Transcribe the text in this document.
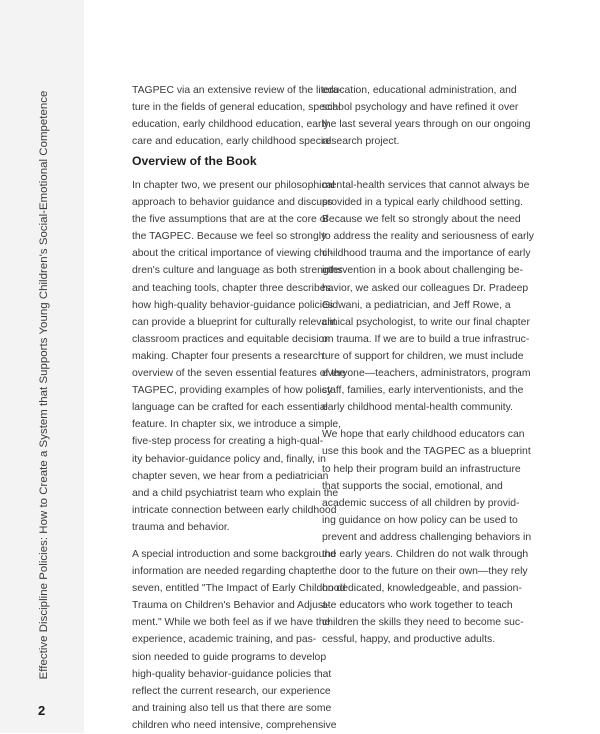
Effective Discipline Policies: How to Create a System that Supports Young Children's Social-Emotional Competence
2

TAGPEC via an extensive review of the litera-
ture in the fields of general education, special
education, early childhood education, early
care and education, early childhood special

education, educational administration, and
school psychology and have refined it over
the last several years through on our ongoing
research project.

Overview of the Book

In chapter two, we present our philosophical
approach to behavior guidance and discuss
the five assumptions that are at the core of
the TAGPEC. Because we feel so strongly
about the critical importance of viewing chil-
dren's culture and language as both strengths
and teaching tools, chapter three describes
how high-quality behavior-guidance policies
can provide a blueprint for culturally relevant
classroom practices and equitable decision
making. Chapter four presents a research
overview of the seven essential features of the
TAGPEC, providing examples of how policy
language can be crafted for each essential
feature. In chapter six, we introduce a simple,
five-step process for creating a high-qual-
ity behavior-guidance policy and, finally, in
chapter seven, we hear from a pediatrician
and a child psychiatrist team who explain the
intricate connection between early childhood
trauma and behavior.

A special introduction and some background
information are needed regarding chapter
seven, entitled "The Impact of Early Childhood
Trauma on Children's Behavior and Adjust-
ment." While we both feel as if we have the
experience, academic training, and pas-
sion needed to guide programs to develop
high-quality behavior-guidance policies that
reflect the current research, our experience
and training also tell us that there are some
children who need intensive, comprehensive

mental-health services that cannot always be
provided in a typical early childhood setting.
Because we felt so strongly about the need
to address the reality and seriousness of early
childhood trauma and the importance of early
intervention in a book about challenging be-
havior, we asked our colleagues Dr. Pradeep
Gidwani, a pediatrician, and Jeff Rowe, a
clinical psychologist, to write our final chapter
on trauma. If we are to build a true infrastruc-
ture of support for children, we must include
everyone—teachers, administrators, program
staff, families, early interventionists, and the
early childhood mental-health community.

We hope that early childhood educators can
use this book and the TAGPEC as a blueprint
to help their program build an infrastructure
that supports the social, emotional, and
academic success of all children by provid-
ing guidance on how policy can be used to
prevent and address challenging behaviors in
the early years. Children do not walk through
the door to the future on their own—they rely
on dedicated, knowledgeable, and passion-
ate educators who work together to teach
children the skills they need to become suc-
cessful, happy, and productive adults.
